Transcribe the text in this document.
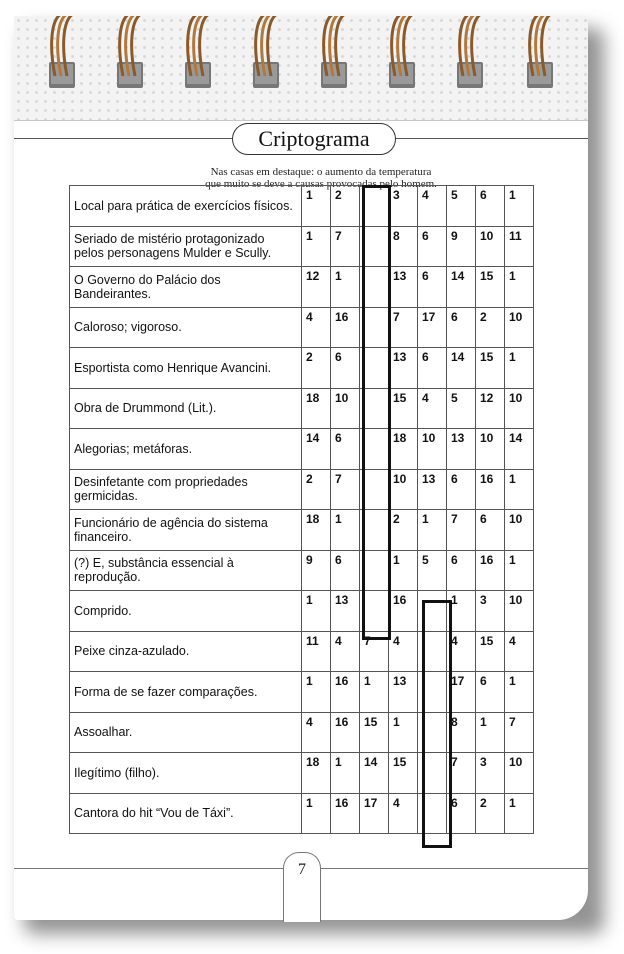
Criptograma
Nas casas em destaque: o aumento da temperatura
que muito se deve a causas provocadas pelo homem.
Local para prática de exercícios físicos.	1	2		3	4	5	6	1
Seriado de mistério protagonizado pelos personagens Mulder e Scully.	1	7		8	6	9	10	11
O Governo do Palácio dos Bandeirantes.	12	1		13	6	14	15	1
Caloroso; vigoroso.	4	16		7	17	6	2	10
Esportista como Henrique Avancini.	2	6		13	6	14	15	1
Obra de Drummond (Lit.).	18	10		15	4	5	12	10
Alegorias; metáforas.	14	6		18	10	13	10	14
Desinfetante com propriedades germicidas.	2	7		10	13	6	16	1
Funcionário de agência do sistema financeiro.	18	1		2	1	7	6	10
(?) E, substância essencial à reprodução.	9	6		1	5	6	16	1
Comprido.	1	13		16		1	3	10
Peixe cinza-azulado.	11	4	7	4		4	15	4
Forma de se fazer comparações.	1	16	1	13		17	6	1
Assoalhar.	4	16	15	1		8	1	7
Ilegítimo (filho).	18	1	14	15		7	3	10
Cantora do hit “Vou de Táxi”.	1	16	17	4		6	2	1
7
